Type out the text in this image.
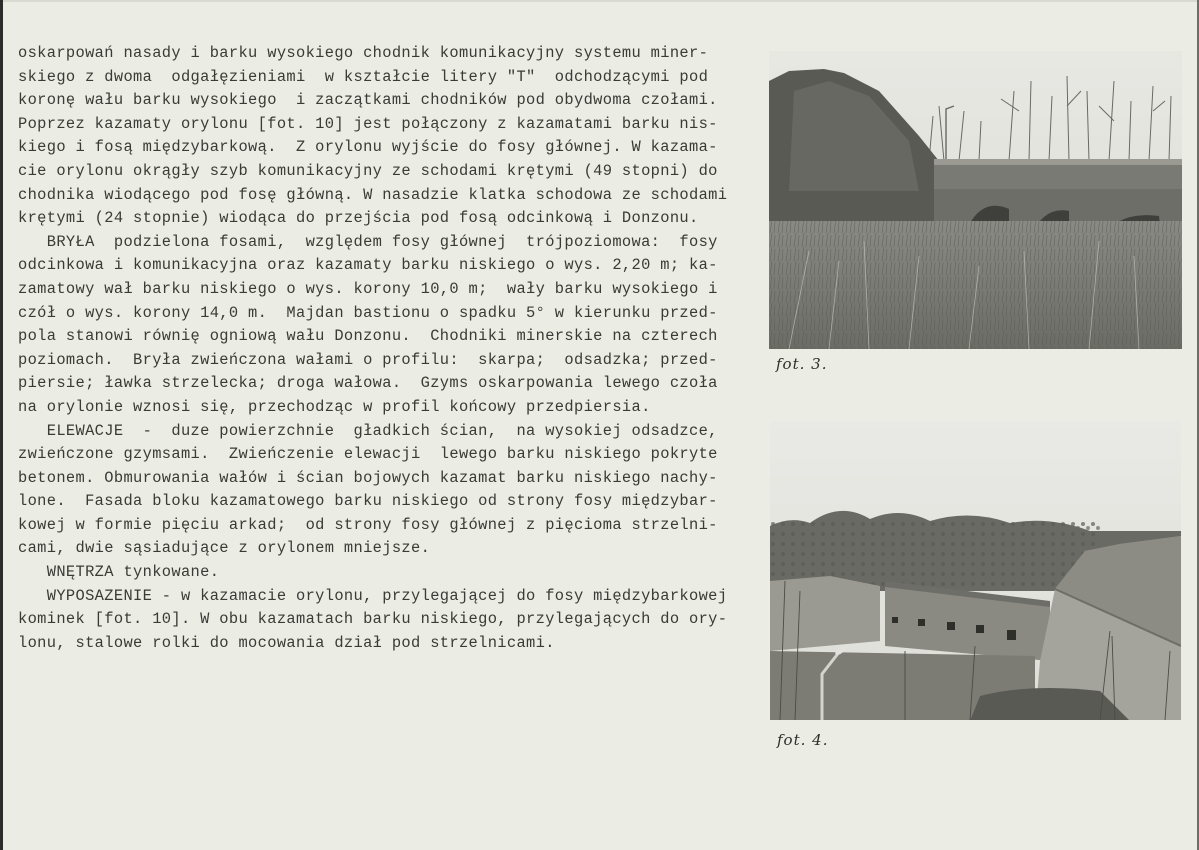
oskarpowań nasady i barku wysokiego chodnik komunikacyjny systemu miner-
skiego z dwoma  odgałęzieniami  w kształcie litery "T"  odchodzącymi pod
koronę wału barku wysokiego  i zaczątkami chodników pod obydwoma czołami.
Poprzez kazamaty orylonu [fot. 10] jest połączony z kazamatami barku nis-
kiego i fosą międzybarkową.  Z orylonu wyjście do fosy głównej. W kazama-
cie orylonu okrągły szyb komunikacyjny ze schodami krętymi (49 stopni) do
chodnika wiodącego pod fosę główną. W nasadzie klatka schodowa ze schodami
krętymi (24 stopnie) wiodąca do przejścia pod fosą odcinkową i Donzonu.
BRYŁA  podzielona fosami,  względem fosy głównej  trójpoziomowa:  fosy
odcinkowa i komunikacyjna oraz kazamaty barku niskiego o wys. 2,20 m; ka-
zamatowy wał barku niskiego o wys. korony 10,0 m;  wały barku wysokiego i
czół o wys. korony 14,0 m.  Majdan bastionu o spadku 5° w kierunku przed-
pola stanowi równię ogniową wału Donzonu.  Chodniki minerskie na czterech
poziomach.  Bryła zwieńczona wałami o profilu:  skarpa;  odsadzka; przed-
piersie; ławka strzelecka; droga wałowa.  Gzyms oskarpowania lewego czoła
na orylonie wznosi się, przechodząc w profil końcowy przedpiersia.
ELEWACJE  -  duze powierzchnie  gładkich ścian,  na wysokiej odsadzce,
zwieńczone gzymsami.  Zwieńczenie elewacji  lewego barku niskiego pokryte
betonem. Obmurowania wałów i ścian bojowych kazamat barku niskiego nachy-
lone.  Fasada bloku kazamatowego barku niskiego od strony fosy międzybar-
kowej w formie pięciu arkad;  od strony fosy głównej z pięcioma strzelni-
cami, dwie sąsiadujące z orylonem mniejsze.
WNĘTRZA tynkowane.
WYPOSAZENIE - w kazamacie orylonu, przylegającej do fosy międzybarkowej
kominek [fot. 10]. W obu kazamatach barku niskiego, przylegających do ory-
lonu, stalowe rolki do mocowania dział pod strzelnicami.
fot. 3.
fot. 4.
